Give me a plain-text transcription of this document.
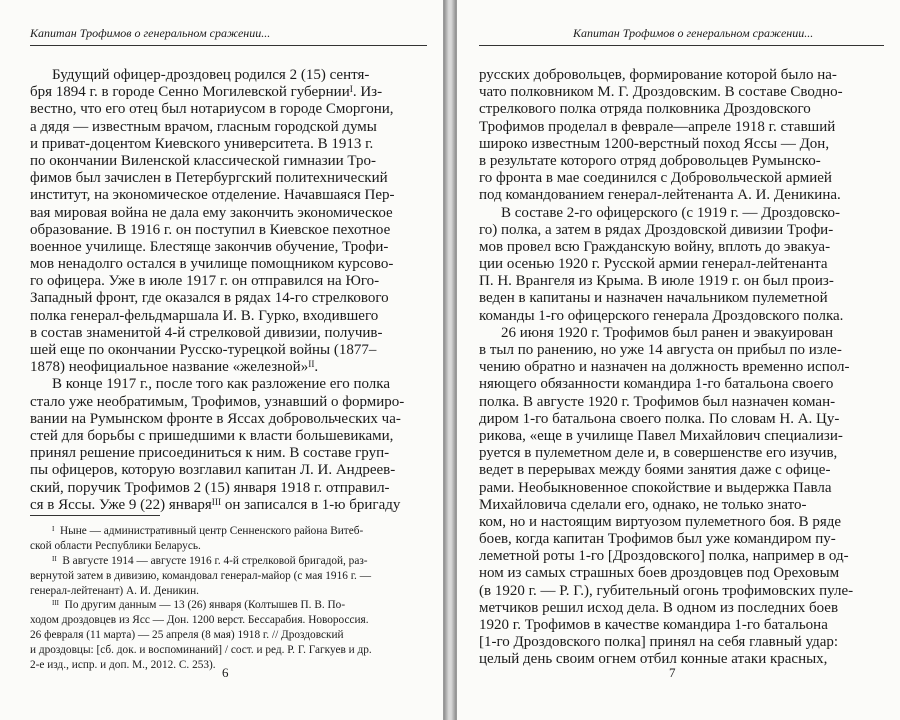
Капитан Трофимов о генеральном сражении...
Будущий офицер-дроздовец родился 2 (15) сентя-
бря 1894 г. в городе Сенно Могилевской губернии$^I$. Из-
вестно, что его отец был нотариусом в городе Сморгони,
а дядя — известным врачом, гласным городской думы
и приват-доцентом Киевского университета. В 1913 г.
по окончании Виленской классической гимназии Тро-
фимов был зачислен в Петербургский политехнический
институт, на экономическое отделение. Начавшаяся Пер-
вая мировая война не дала ему закончить экономическое
образование. В 1916 г. он поступил в Киевское пехотное
военное училище. Блестяще закончив обучение, Трофи-
мов ненадолго остался в училище помощником курсово-
го офицера. Уже в июле 1917 г. он отправился на Юго-
Западный фронт, где оказался в рядах 14-го стрелкового
полка генерал-фельдмаршала И. В. Гурко, входившего
в состав знаменитой 4-й стрелковой дивизии, получив-
шей еще по окончании Русско-турецкой войны (1877–
1878) неофициальное название «железной»$^{II}$.
В конце 1917 г., после того как разложение его полка
стало уже необратимым, Трофимов, узнавший о формиро-
вании на Румынском фронте в Яссах добровольческих ча-
стей для борьбы с пришедшими к власти большевиками,
принял решение присоединиться к ним. В составе груп-
пы офицеров, которую возглавил капитан Л. И. Андреев-
ский, поручик Трофимов 2 (15) января 1918 г. отправил-
ся в Яссы. Уже 9 (22) января$^{III}$ он записался в 1-ю бригаду
$^I$  Ныне — административный центр Сенненского района Витеб-
ской области Республики Беларусь.
$^{II}$  В августе 1914 — августе 1916 г. 4-й стрелковой бригадой, раз-
вернутой затем в дивизию, командовал генерал-майор (с мая 1916 г. —
генерал-лейтенант) А. И. Деникин.
$^{III}$  По другим данным — 13 (26) января (Колтышев П. В. По-
ходом дроздовцев из Ясс — Дон. 1200 верст. Бессарабия. Новороссия.
26 февраля (11 марта) — 25 апреля (8 мая) 1918 г. // Дроздовский
и дроздовцы: [сб. док. и воспоминаний] / сост. и ред. Р. Г. Гагкуев и др.
2-е изд., испр. и доп. М., 2012. С. 253). 6
Капитан Трофимов о генеральном сражении...
русских добровольцев, формирование которой было на-
чато полковником М. Г. Дроздовским. В составе Сводно-
стрелкового полка отряда полковника Дроздовского
Трофимов проделал в феврале—апреле 1918 г. ставший
широко известным 1200-верстный поход Яссы — Дон,
в результате которого отряд добровольцев Румынско-
го фронта в мае соединился с Добровольческой армией
под командованием генерал-лейтенанта А. И. Деникина.
В составе 2-го офицерского (с 1919 г. — Дроздовско-
го) полка, а затем в рядах Дроздовской дивизии Трофи-
мов провел всю Гражданскую войну, вплоть до эвакуа-
ции осенью 1920 г. Русской армии генерал-лейтенанта
П. Н. Врангеля из Крыма. В июле 1919 г. он был произ-
веден в капитаны и назначен начальником пулеметной
команды 1-го офицерского генерала Дроздовского полка.
26 июня 1920 г. Трофимов был ранен и эвакуирован
в тыл по ранению, но уже 14 августа он прибыл по изле-
чению обратно и назначен на должность временно испол-
няющего обязанности командира 1-го батальона своего
полка. В августе 1920 г. Трофимов был назначен коман-
диром 1-го батальона своего полка. По словам Н. А. Цу-
рикова, «еще в училище Павел Михайлович специализи-
руется в пулеметном деле и, в совершенстве его изучив,
ведет в перерывах между боями занятия даже с офице-
рами. Необыкновенное спокойствие и выдержка Павла
Михайловича сделали его, однако, не только знато-
ком, но и настоящим виртуозом пулеметного боя. В ряде
боев, когда капитан Трофимов был уже командиром пу-
леметной роты 1-го [Дроздовского] полка, например в од-
ном из самых страшных боев дроздовцев под Ореховым
(в 1920 г. — Р. Г.), губительный огонь трофимовских пуле-
метчиков решил исход дела. В одном из последних боев
1920 г. Трофимов в качестве командира 1-го батальона
[1-го Дроздовского полка] принял на себя главный удар:
целый день своим огнем отбил конные атаки красных,
7
